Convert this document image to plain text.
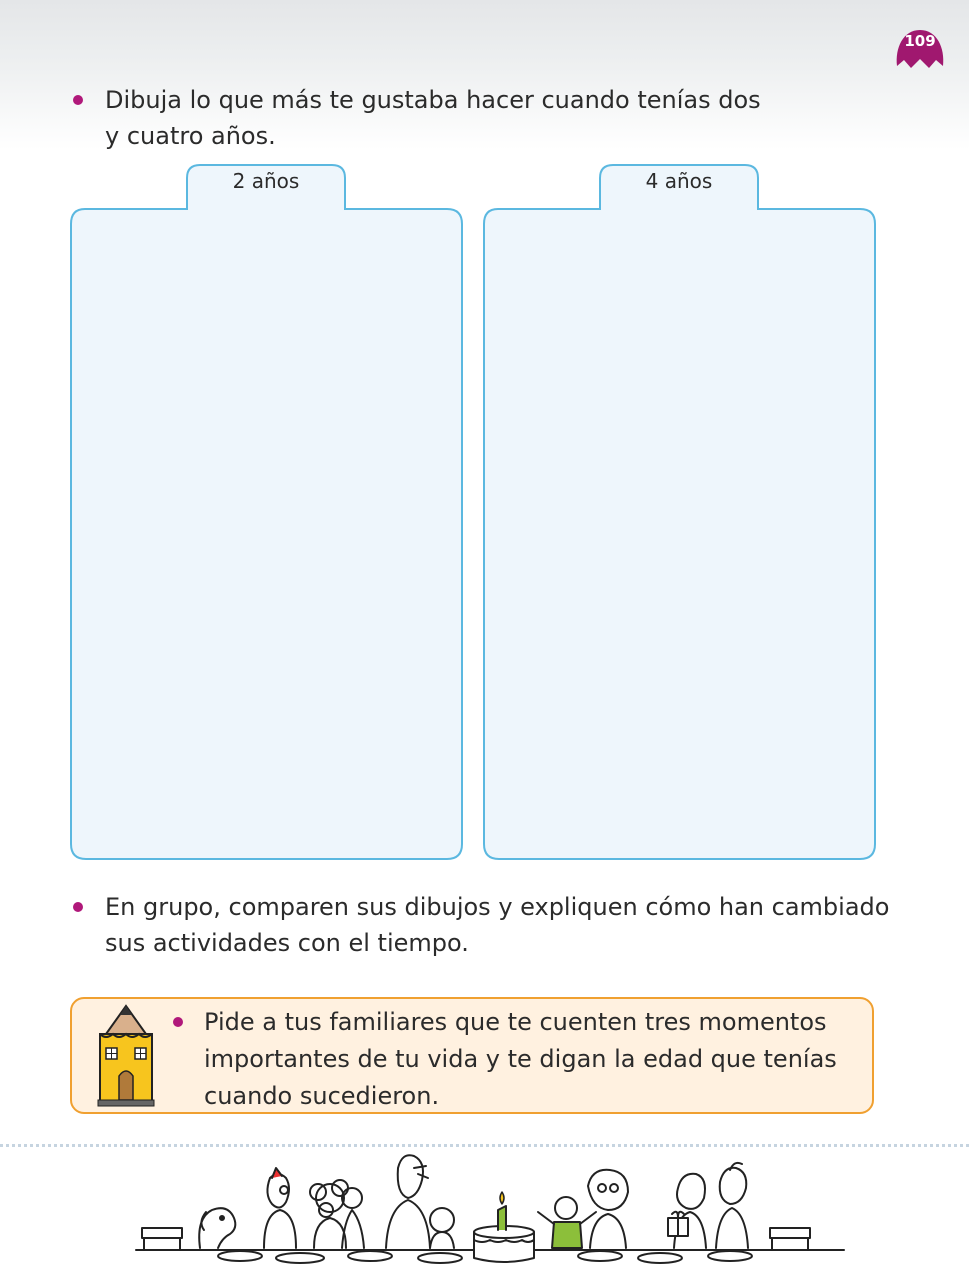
109
Dibuja lo que más te gustaba hacer cuando tenías dos
y cuatro años.
2 años	4 años
En grupo, comparen sus dibujos y expliquen cómo han cambiado
sus actividades con el tiempo.
Pide a tus familiares que te cuenten tres momentos
importantes de tu vida y te digan la edad que tenías
cuando sucedieron.
